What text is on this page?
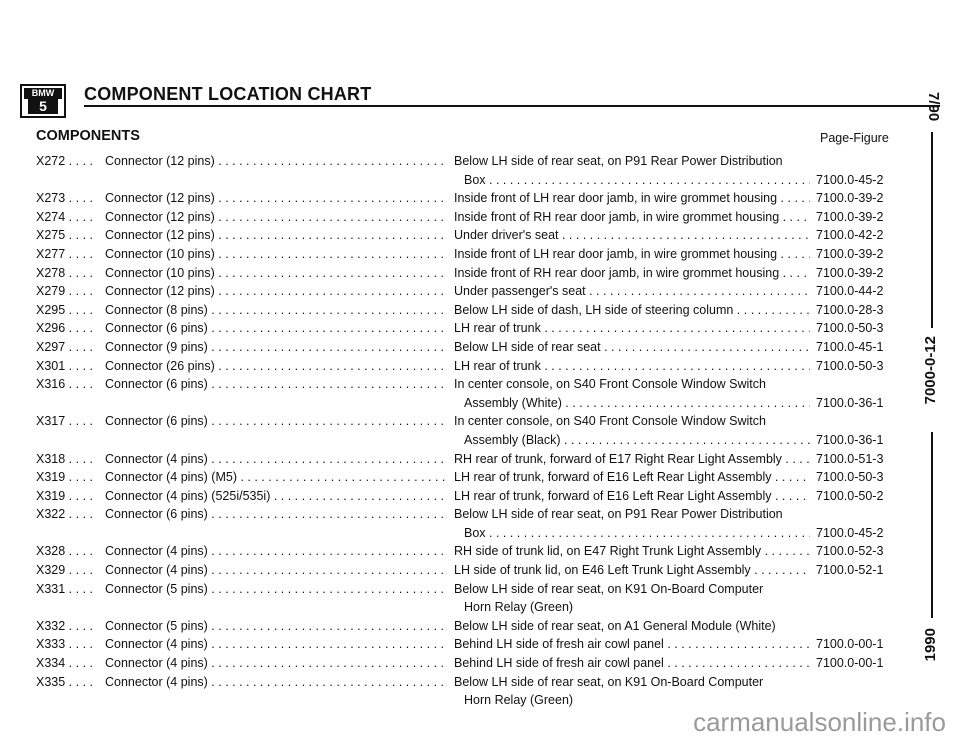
BMW
5
COMPONENT LOCATION CHART
COMPONENTS	Page-Figure
X272 . . . .	Connector (12 pins) . . .	Below LH side of rear seat, on P91 Rear Power Distribution
Box . . .	7100.0-45-2
X273 . . . .	Connector (12 pins) . . .	Inside front of LH rear door jamb, in wire grommet housing . . .	7100.0-39-2
X274 . . . .	Connector (12 pins) . . .	Inside front of RH rear door jamb, in wire grommet housing . . .	7100.0-39-2
X275 . . . .	Connector (12 pins) . . .	Under driver's seat . . .	7100.0-42-2
X277 . . . .	Connector (10 pins) . . .	Inside front of LH rear door jamb, in wire grommet housing . . .	7100.0-39-2
X278 . . . .	Connector (10 pins) . . .	Inside front of RH rear door jamb, in wire grommet housing . . .	7100.0-39-2
X279 . . . .	Connector (12 pins) . . .	Under passenger's seat . . .	7100.0-44-2
X295 . . . .	Connector (8 pins) . . .	Below LH side of dash, LH side of steering column . . .	7100.0-28-3
X296 . . . .	Connector (6 pins) . . .	LH rear of trunk . . .	7100.0-50-3
X297 . . . .	Connector (9 pins) . . .	Below LH side of rear seat . . .	7100.0-45-1
X301 . . . .	Connector (26 pins) . . .	LH rear of trunk . . .	7100.0-50-3
X316 . . . .	Connector (6 pins) . . .	In center console, on S40 Front Console Window Switch
Assembly (White) . . .	7100.0-36-1
X317 . . . .	Connector (6 pins) . . .	In center console, on S40 Front Console Window Switch
Assembly (Black) . . .	7100.0-36-1
X318 . . . .	Connector (4 pins) . . .	RH rear of trunk, forward of E17 Right Rear Light Assembly . . .	7100.0-51-3
X319 . . . .	Connector (4 pins) (M5) . . .	LH rear of trunk, forward of E16 Left Rear Light Assembly . . .	7100.0-50-3
X319 . . . .	Connector (4 pins) (525i/535i) . . .	LH rear of trunk, forward of E16 Left Rear Light Assembly . . .	7100.0-50-2
X322 . . . .	Connector (6 pins) . . .	Below LH side of rear seat, on P91 Rear Power Distribution
Box . . .	7100.0-45-2
X328 . . . .	Connector (4 pins) . . .	RH side of trunk lid, on E47 Right Trunk Light Assembly . . .	7100.0-52-3
X329 . . . .	Connector (4 pins) . . .	LH side of trunk lid, on E46 Left Trunk Light Assembly . . .	7100.0-52-1
X331 . . . .	Connector (5 pins) . . .	Below LH side of rear seat, on K91 On-Board Computer
Horn Relay (Green)
X332 . . . .	Connector (5 pins) . . .	Below LH side of rear seat, on A1 General Module (White)
X333 . . . .	Connector (4 pins) . . .	Behind LH side of fresh air cowl panel . . .	7100.0-00-1
X334 . . . .	Connector (4 pins) . . .	Behind LH side of fresh air cowl panel . . .	7100.0-00-1
X335 . . . .	Connector (4 pins) . . .	Below LH side of rear seat, on K91 On-Board Computer
Horn Relay (Green)
7/90
7000-0-12
1990
carmanualsonline.info
